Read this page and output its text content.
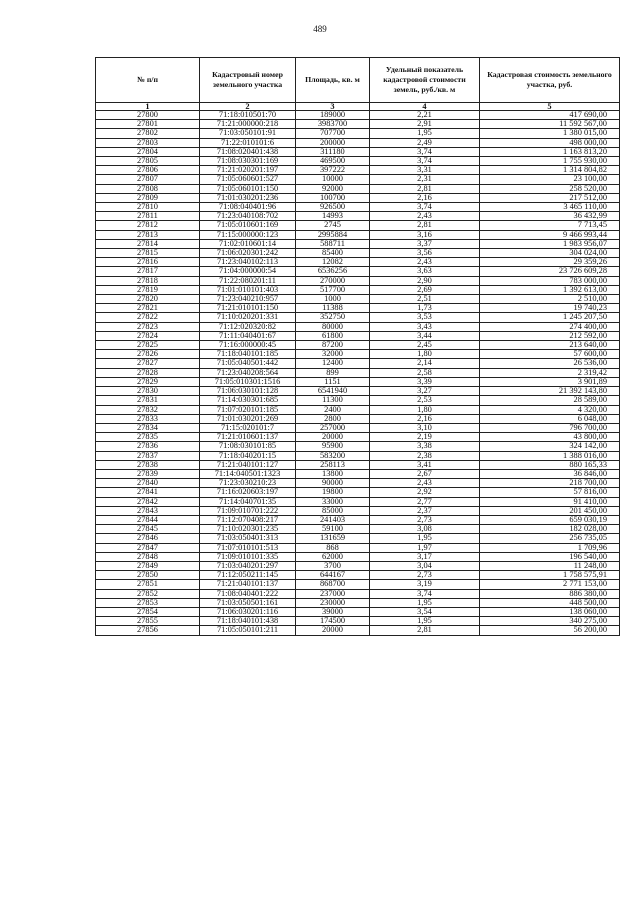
489
№ п/п	Кадастровый номер земельного участка	Площадь, кв. м	Удельный показатель кадастровой стоимости земель, руб./кв. м	Кадастровая стоимость земельного участка, руб.
1	2	3	4	5
27800	71:18:010501:70	189000	2,21	417 690,00
27801	71:21:000000:218	3983700	2,91	11 592 567,00
27802	71:03:050101:91	707700	1,95	1 380 015,00
27803	71:22:010101:6	200000	2,49	498 000,00
27804	71:08:020401:438	311180	3,74	1 163 813,20
27805	71:08:030301:169	469500	3,74	1 755 930,00
27806	71:21:020201:197	397222	3,31	1 314 804,82
27807	71:05:060601:527	10000	2,31	23 100,00
27808	71:05:060101:150	92000	2,81	258 520,00
27809	71:01:030201:236	100700	2,16	217 512,00
27810	71:08:040401:96	926500	3,74	3 465 110,00
27811	71:23:040108:702	14993	2,43	36 432,99
27812	71:05:010601:169	2745	2,81	7 713,45
27813	71:15:000000:123	2995884	3,16	9 466 993,44
27814	71:02:010601:14	588711	3,37	1 983 956,07
27815	71:06:020301:242	85400	3,56	304 024,00
27816	71:23:040102:113	12082	2,43	29 359,26
27817	71:04:000000:54	6536256	3,63	23 726 609,28
27818	71:22:080201:11	270000	2,90	783 000,00
27819	71:01:010101:403	517700	2,69	1 392 613,00
27820	71:23:040210:957	1000	2,51	2 510,00
27821	71:21:010101:150	11388	1,73	19 740,23
27822	71:10:020201:331	352750	3,53	1 245 207,50
27823	71:12:020320:82	80000	3,43	274 400,00
27824	71:11:040401:67	61800	3,44	212 592,00
27825	71:16:000000:45	87200	2,45	213 640,00
27826	71:18:040101:185	32000	1,80	57 600,00
27827	71:05:040501:442	12400	2,14	26 536,00
27828	71:23:040208:564	899	2,58	2 319,42
27829	71:05:010301:1516	1151	3,39	3 901,89
27830	71:06:030101:128	6541940	3,27	21 392 143,80
27831	71:14:030301:685	11300	2,53	28 589,00
27832	71:07:020101:185	2400	1,80	4 320,00
27833	71:01:030201:269	2800	2,16	6 048,00
27834	71:15:020101:7	257000	3,10	796 700,00
27835	71:21:010601:137	20000	2,19	43 800,00
27836	71:08:030101:85	95900	3,38	324 142,00
27837	71:18:040201:15	583200	2,38	1 388 016,00
27838	71:21:040101:127	258113	3,41	880 165,33
27839	71:14:040501:1323	13800	2,67	36 846,00
27840	71:23:030210:23	90000	2,43	218 700,00
27841	71:16:020603:197	19800	2,92	57 816,00
27842	71:14:040701:35	33000	2,77	91 410,00
27843	71:09:010701:222	85000	2,37	201 450,00
27844	71:12:070408:217	241403	2,73	659 030,19
27845	71:10:020301:235	59100	3,08	182 028,00
27846	71:03:050401:313	131659	1,95	256 735,05
27847	71:07:010101:513	868	1,97	1 709,96
27848	71:09:010101:335	62000	3,17	196 540,00
27849	71:03:040201:297	3700	3,04	11 248,00
27850	71:12:050211:145	644167	2,73	1 758 575,91
27851	71:21:040101:137	868700	3,19	2 771 153,00
27852	71:08:040401:222	237000	3,74	886 380,00
27853	71:03:050501:161	230000	1,95	448 500,00
27854	71:06:030201:116	39000	3,54	138 060,00
27855	71:18:040101:438	174500	1,95	340 275,00
27856	71:05:050101:211	20000	2,81	56 200,00
